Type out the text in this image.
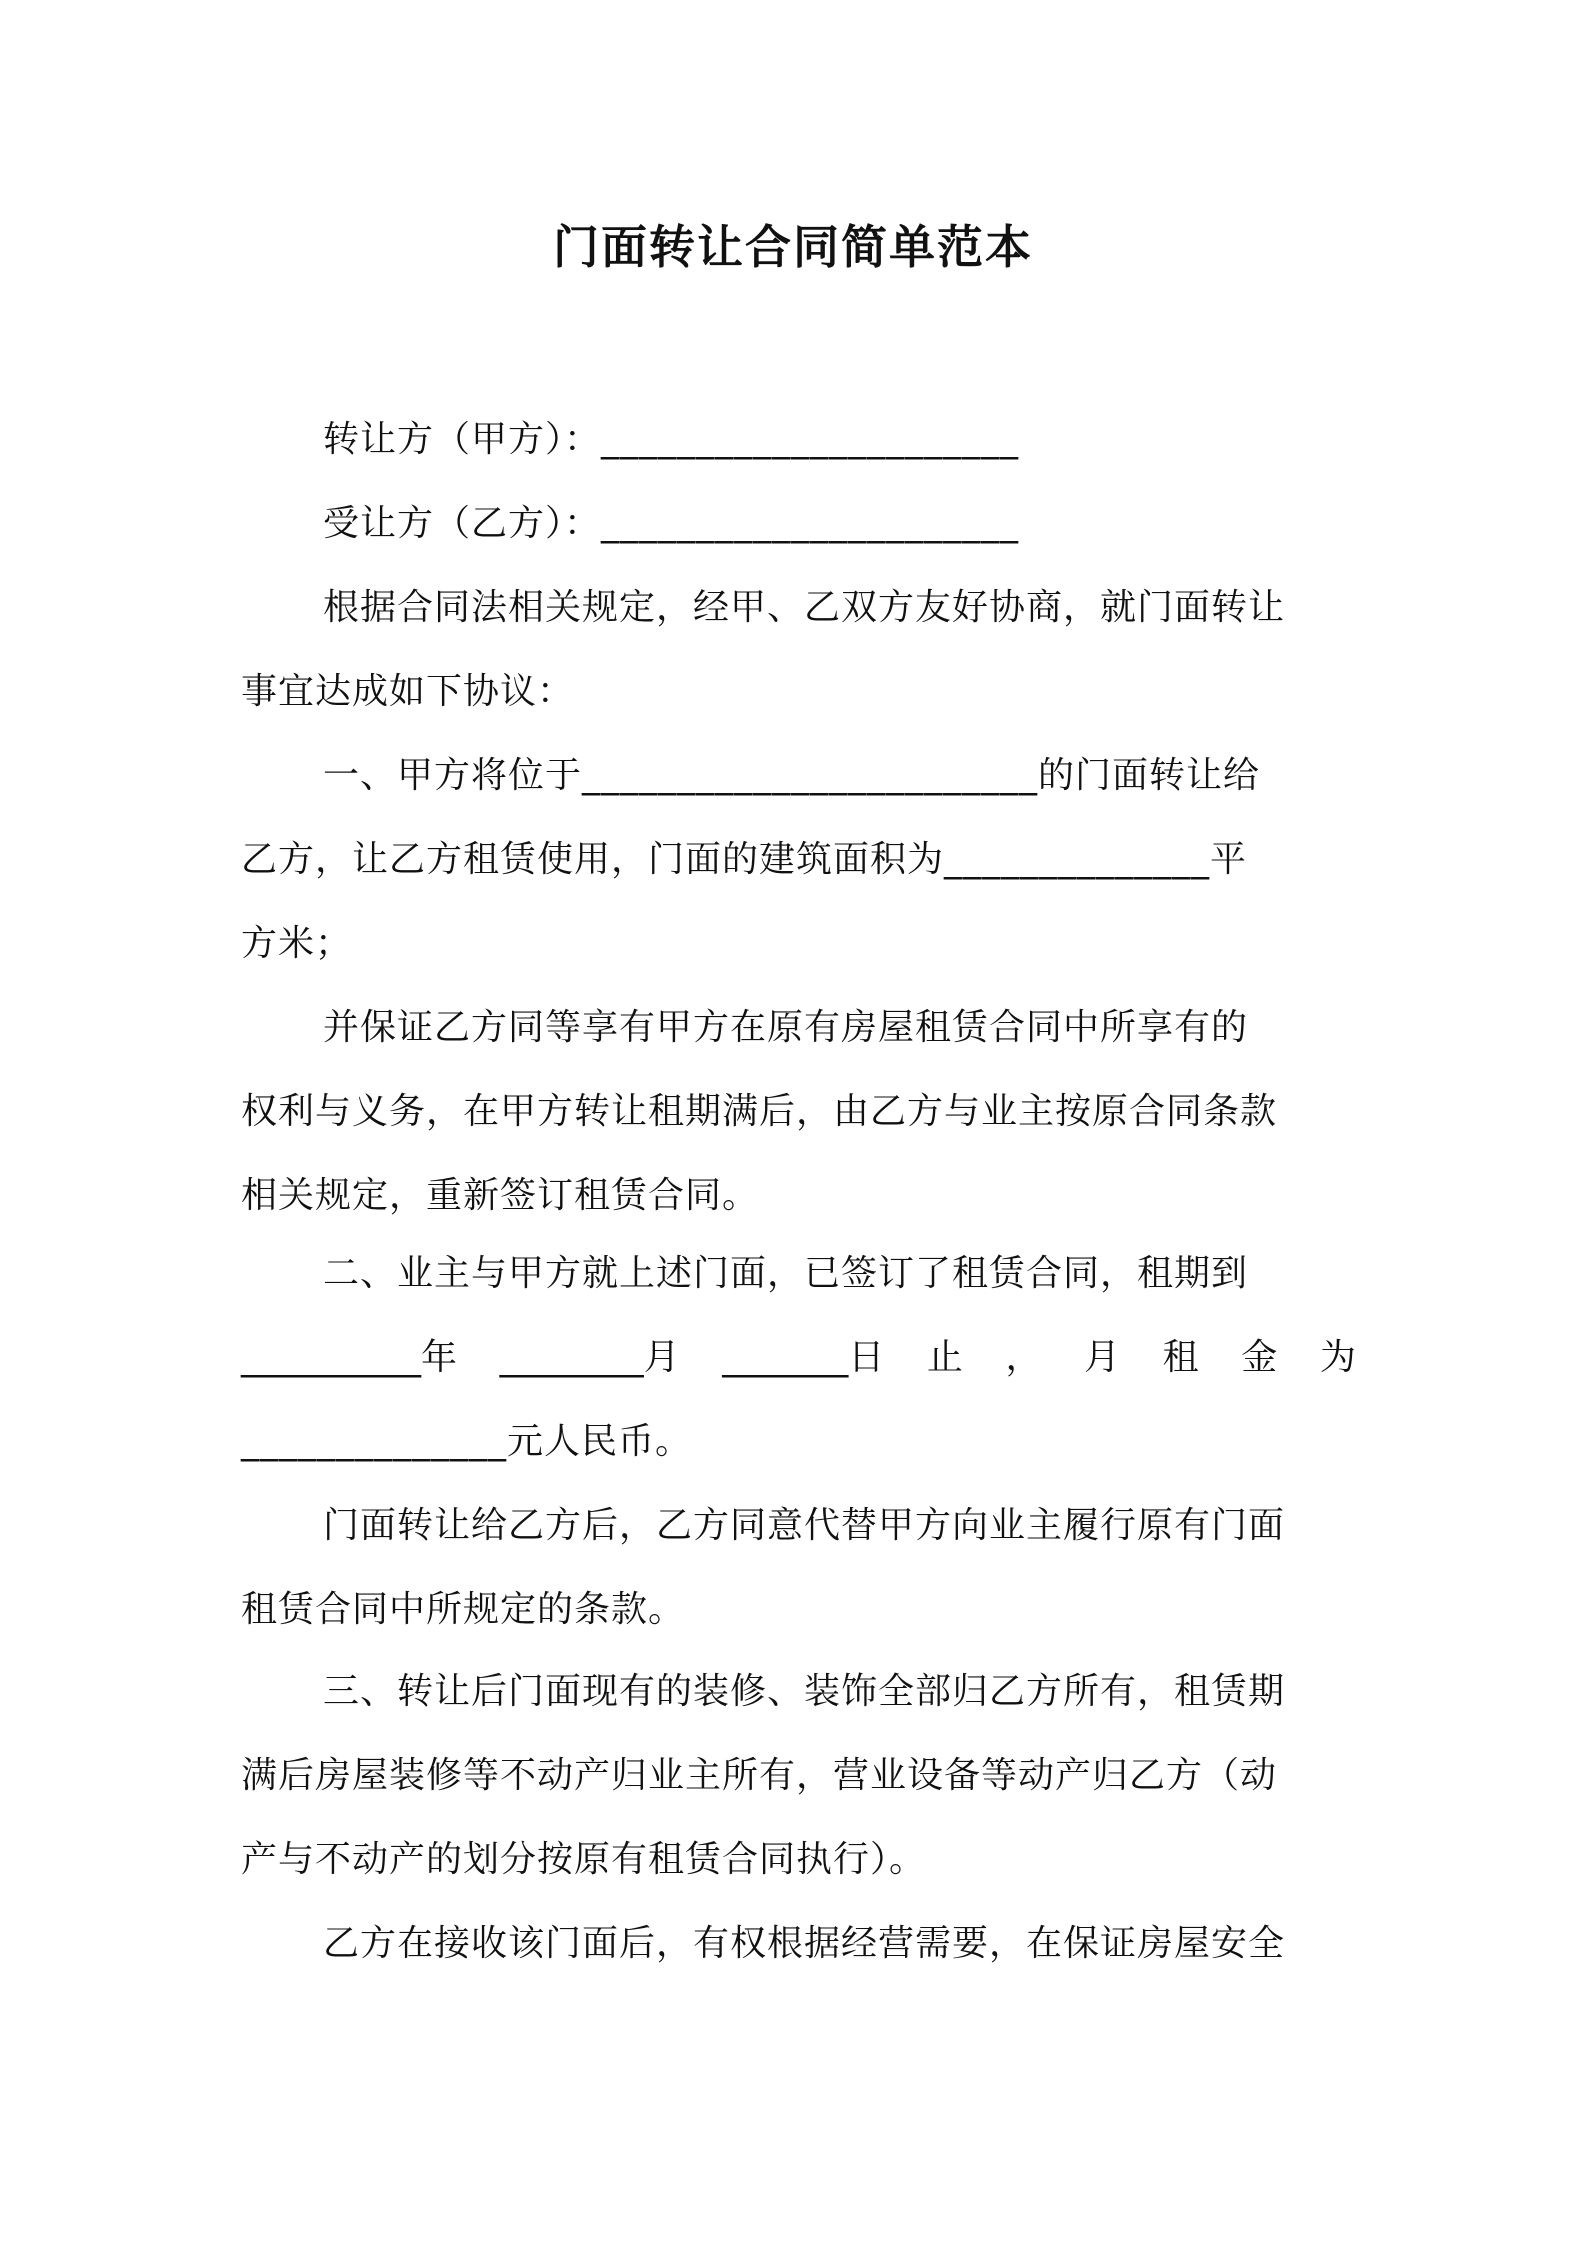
门面转让合同简单范本
转让方（甲方）：______________________
受让方（乙方）：______________________
根据合同法相关规定，经甲、乙双方友好协商，就门面转让
事宜达成如下协议：
一、甲方将位于________________________的门面转让给
乙方，让乙方租赁使用，门面的建筑面积为______________平
方米；
并保证乙方同等享有甲方在原有房屋租赁合同中所享有的
权利与义务，在甲方转让租期满后，由乙方与业主按原合同条款
相关规定，重新签订租赁合同。
二、业主与甲方就上述门面，已签订了租赁合同，租期到
__________年 ________月 _______日 止 ， 月 租 金 为
______________元人民币。
门面转让给乙方后，乙方同意代替甲方向业主履行原有门面
租赁合同中所规定的条款。
三、转让后门面现有的装修、装饰全部归乙方所有，租赁期
满后房屋装修等不动产归业主所有，营业设备等动产归乙方（动
产与不动产的划分按原有租赁合同执行）。
乙方在接收该门面后，有权根据经营需要，在保证房屋安全
